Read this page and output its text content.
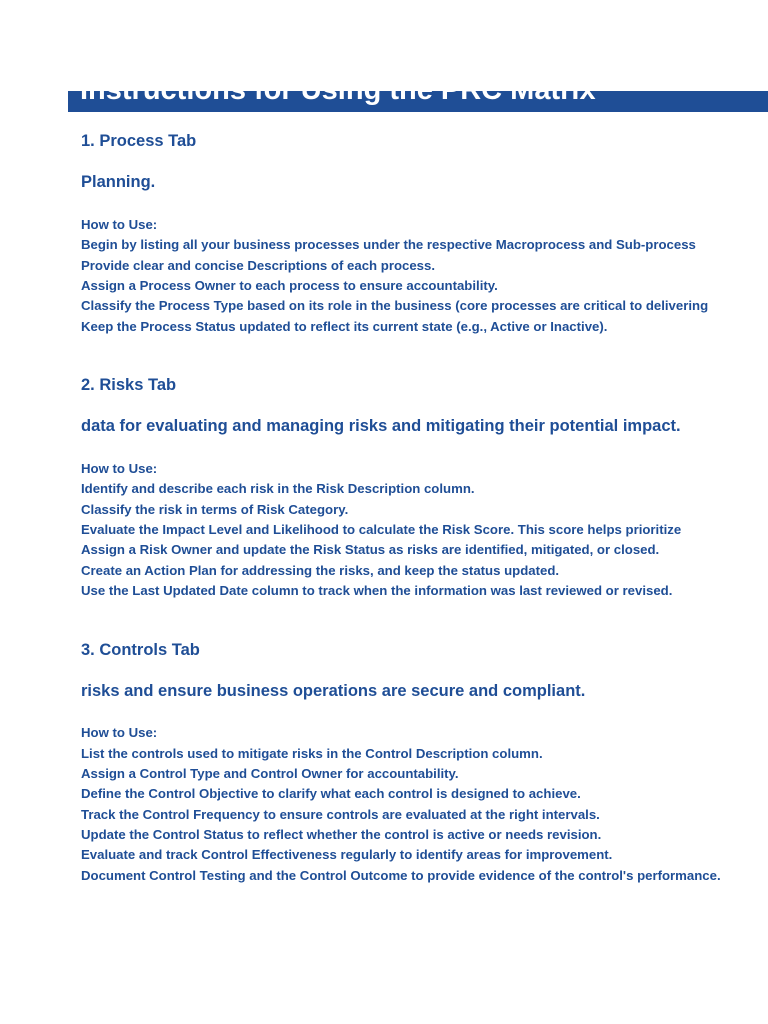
Instructions for Using the PRC Matrix
1. Process Tab
Planning.
How to Use:
Begin by listing all your business processes under the respective Macroprocess and Sub-process
Provide clear and concise Descriptions of each process.
Assign a Process Owner to each process to ensure accountability.
Classify the Process Type based on its role in the business (core processes are critical to delivering
Keep the Process Status updated to reflect its current state (e.g., Active or Inactive).
2. Risks Tab
data for evaluating and managing risks and mitigating their potential impact.
How to Use:
Identify and describe each risk in the Risk Description column.
Classify the risk in terms of Risk Category.
Evaluate the Impact Level and Likelihood to calculate the Risk Score. This score helps prioritize
Assign a Risk Owner and update the Risk Status as risks are identified, mitigated, or closed.
Create an Action Plan for addressing the risks, and keep the status updated.
Use the Last Updated Date column to track when the information was last reviewed or revised.
3. Controls Tab
risks and ensure business operations are secure and compliant.
How to Use:
List the controls used to mitigate risks in the Control Description column.
Assign a Control Type and Control Owner for accountability.
Define the Control Objective to clarify what each control is designed to achieve.
Track the Control Frequency to ensure controls are evaluated at the right intervals.
Update the Control Status to reflect whether the control is active or needs revision.
Evaluate and track Control Effectiveness regularly to identify areas for improvement.
Document Control Testing and the Control Outcome to provide evidence of the control's performance.
